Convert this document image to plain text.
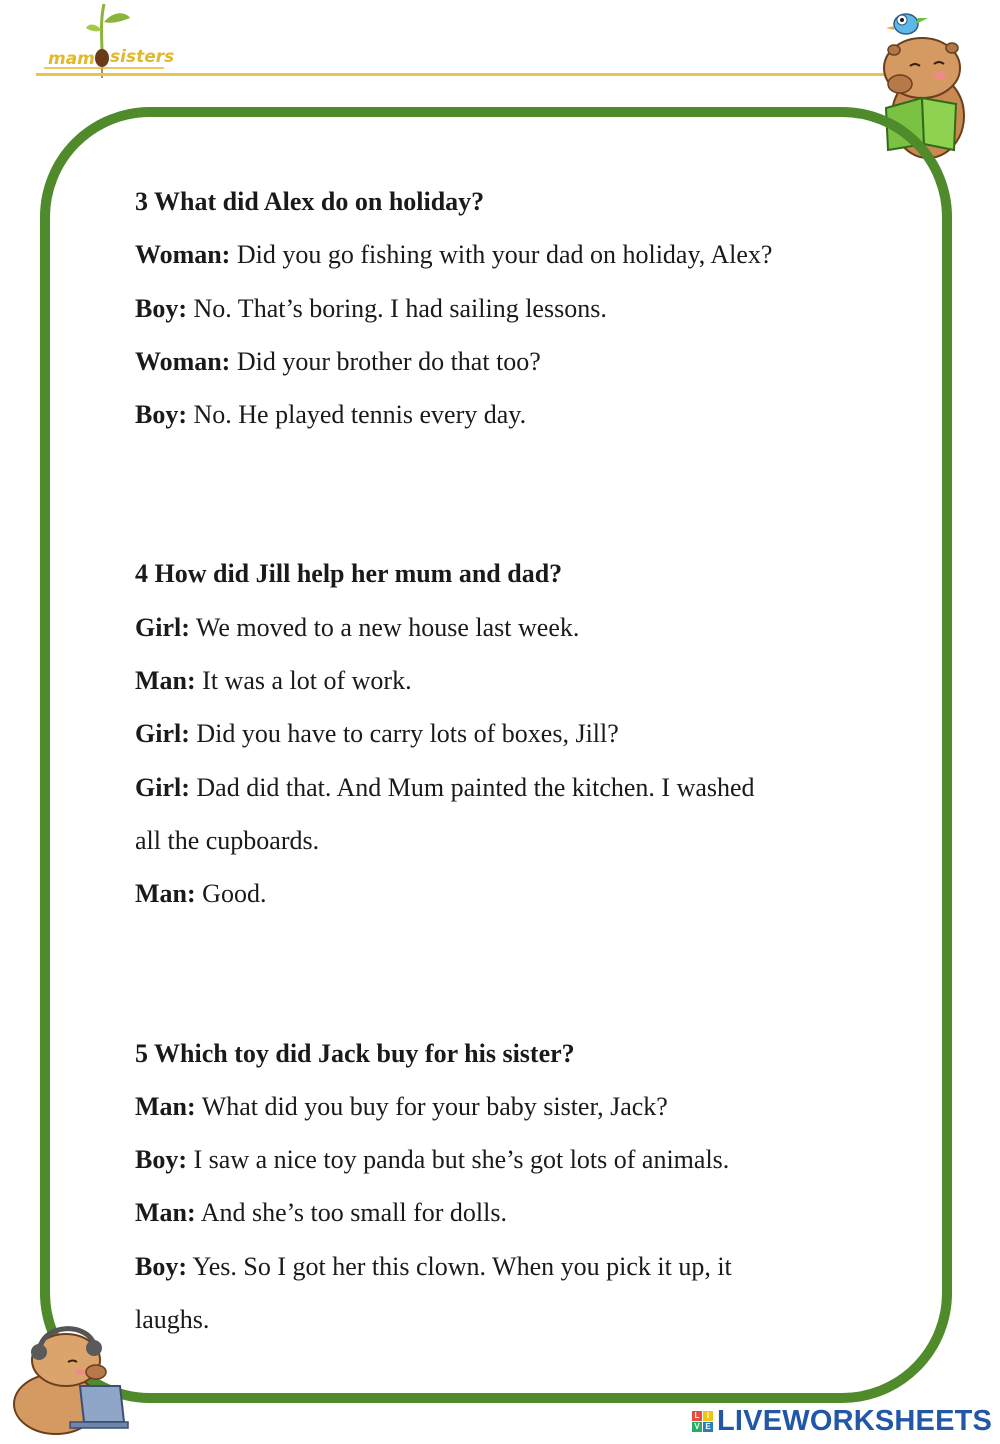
mam sisters

3 What did Alex do on holiday?

Woman: Did you go fishing with your dad on holiday, Alex?

Boy: No. That’s boring. I had sailing lessons.

Woman: Did your brother do that too?

Boy: No. He played tennis every day.

4 How did Jill help her mum and dad?

Girl: We moved to a new house last week.

Man: It was a lot of work.

Girl: Did you have to carry lots of boxes, Jill?

Girl: Dad did that. And Mum painted the kitchen. I washed

all the cupboards.

Man: Good.

5 Which toy did Jack buy for his sister?

Man: What did you buy for your baby sister, Jack?

Boy: I saw a nice toy panda but she’s got lots of animals.

Man: And she’s too small for dolls.

Boy: Yes. So I got her this clown. When you pick it up, it

laughs.

L I
V E LIVEWORKSHEETS
